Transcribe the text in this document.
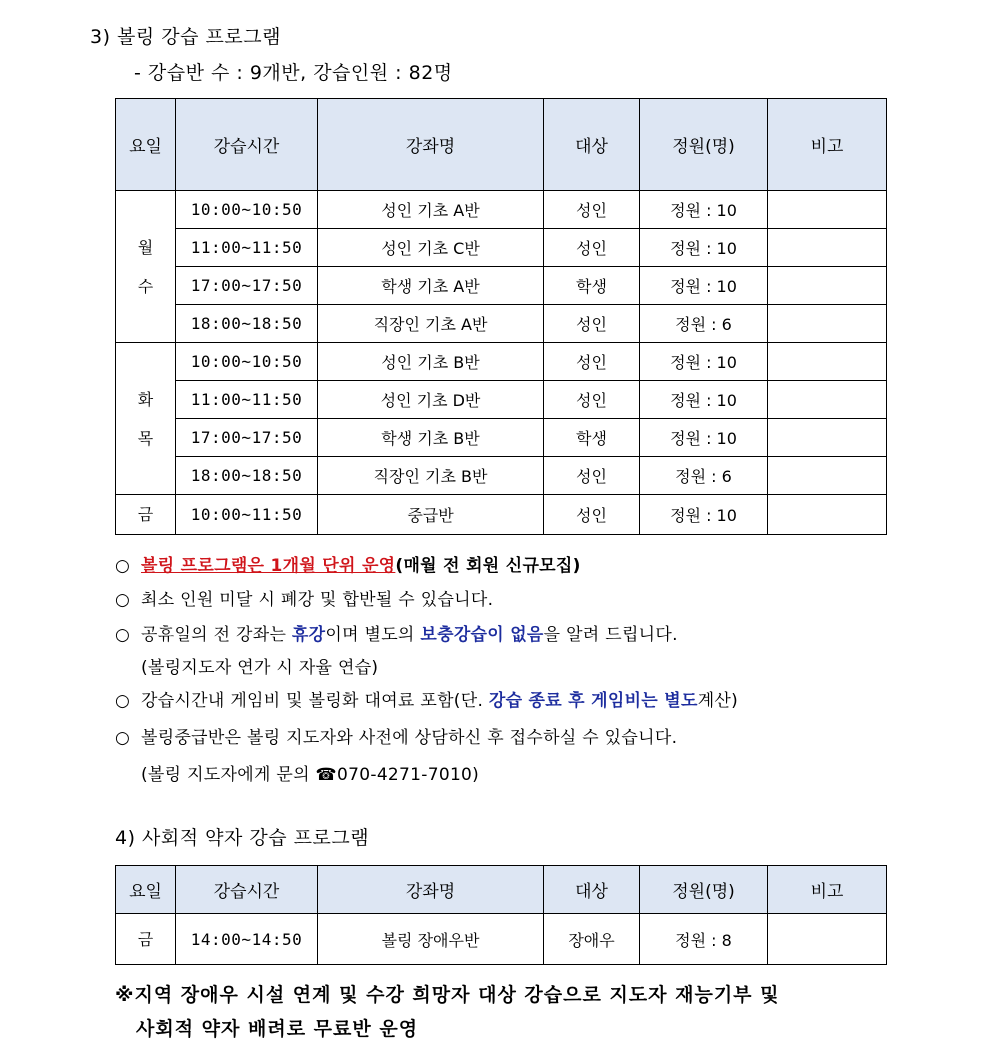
3) 볼링 강습 프로그램
- 강습반 수 : 9개반, 강습인원 : 82명
요일	강습시간	강좌명	대상	정원(명)	비고
월
수	10:00~10:50	성인 기초 A반	성인	정원 : 10	
	11:00~11:50	성인 기초 C반	성인	정원 : 10	
	17:00~17:50	학생 기초 A반	학생	정원 : 10	
	18:00~18:50	직장인 기초 A반	성인	정원 : 6	
화
목	10:00~10:50	성인 기초 B반	성인	정원 : 10	
	11:00~11:50	성인 기초 D반	성인	정원 : 10	
	17:00~17:50	학생 기초 B반	학생	정원 : 10	
	18:00~18:50	직장인 기초 B반	성인	정원 : 6	
금	10:00~11:50	중급반	성인	정원 : 10	
○ 볼링 프로그램은 1개월 단위 운영(매월 전 회원 신규모집)
○ 최소 인원 미달 시 폐강 및 합반될 수 있습니다.
○ 공휴일의 전 강좌는 휴강이며 별도의 보충강습이 없음을 알려 드립니다.
(볼링지도자 연가 시 자율 연습)
○ 강습시간내 게임비 및 볼링화 대여료 포함(단. 강습 종료 후 게임비는 별도계산)
○ 볼링중급반은 볼링 지도자와 사전에 상담하신 후 접수하실 수 있습니다.
(볼링 지도자에게 문의 ☎070-4271-7010)
4) 사회적 약자 강습 프로그램
요일	강습시간	강좌명	대상	정원(명)	비고
금	14:00~14:50	볼링 장애우반	장애우	정원 : 8	
※지역 장애우 시설 연계 및 수강 희망자 대상 강습으로 지도자 재능기부 및
사회적 약자 배려로 무료반 운영
